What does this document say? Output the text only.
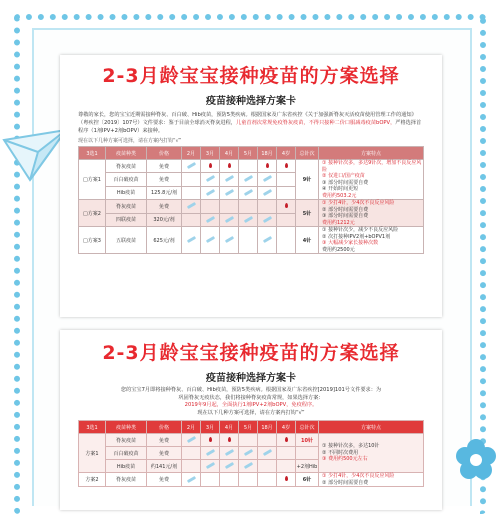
2-3月龄宝宝接种疫苗的方案选择
疫苗接种选择方案卡
尊敬的家长，您的宝宝近期需接种脊灰、百白破、Hib疫苗，预防5类疾病。根据国家及广东省疾控《关于加强新脊灰灭活疫苗使用管理工作的通知》（粤疾控〔2019〕107号）文件要求：鉴于目前全球消灭脊灰进程，儿童首剂次常规免疫脊灰疫苗，不得只接种二价口服减毒疫苗bOPV，严格选择首程序（1剂IPV+2剂bOPV）来接种。
现在以下几种方案可选择，请在方案内打钩“√”
3选1	疫苗种类	价格	2月	3月	4月	5月	18月	4岁	总针次	方案特点
□方案1	脊灰疫苗	免费							9针	① 接种针次多，多达9针次，增加不良反应风险
② 仅进口/国产疫苗
③ 部分时间需要自费
④ 开始时间更短
费用约503.2元

	百白破疫苗	免费								
	Hib疫苗	125.8元/剂								
□方案2	脊灰疫苗	免费							5针	① 少打4针，少4次不良反应风险
② 部分时间需要自费
③ 部分时间需要自费
费用约1212元

	四联疫苗	320元/剂								
□方案3	五联疫苗	625元/剂							4针	① 接种针次少，减少不良反应风险
② 次打接种IPV2剂+bOPV1剂
③ 大幅减少家长接种次数
费用约2500元
2-3月龄宝宝接种疫苗的方案选择
疫苗接种选择方案卡
您的宝宝7月即将接种脊灰、百白破、Hib疫苗，预防5类疾病。根据国家及广东省疾控[2019]101号文件要求：为巩固脊灰无疫状态，我们将接种脊灰疫苗常规，如果选择方案：
2019年9月起，全面执行1剂IPV+2剂bOPV，免疫程序。
现在以下几种方案可选择，请在方案内打钩“√”
3选1	疫苗种类	价格	2月	3月	4月	5月	18月	4岁	总针次	方案特点
方案1	脊灰疫苗	免费							10针	① 接种针次多，多达10针
② 不同时次费用
③ 费用约500元左右

	百白破疫苗	免费								
	Hib疫苗	约141元/剂							+2剂Hib	
方案2	脊灰疫苗	免费							6针	① 少打4针，少4次不良反应风险
② 部分时间需要自费
